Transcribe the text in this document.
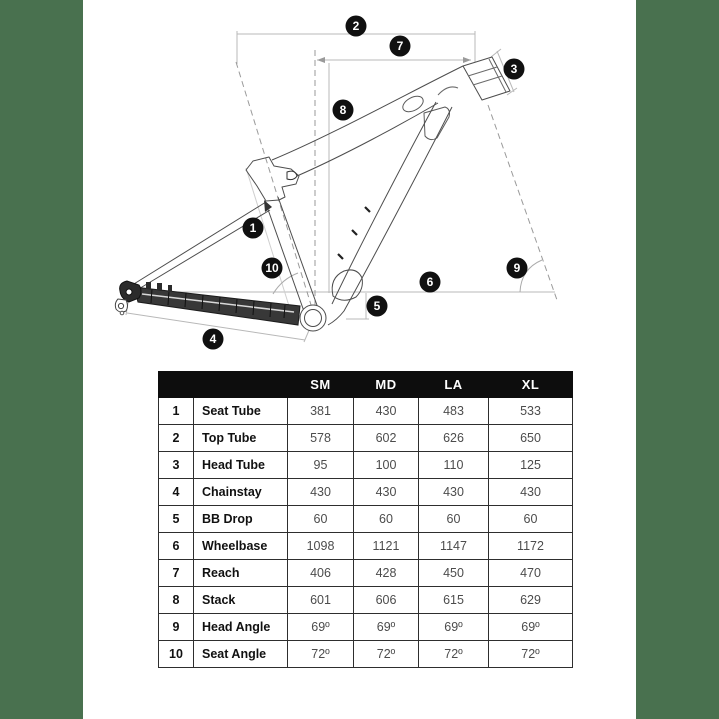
1
2
3
4
5
6
7
8
9
10
		SM	MD	LA	XL
1	Seat Tube	381	430	483	533
2	Top Tube	578	602	626	650
3	Head Tube	95	100	110	125
4	Chainstay	430	430	430	430
5	BB Drop	60	60	60	60
6	Wheelbase	1098	1121	1147	1172
7	Reach	406	428	450	470
8	Stack	601	606	615	629
9	Head Angle	69º	69º	69º	69º
10	Seat Angle	72º	72º	72º	72º
